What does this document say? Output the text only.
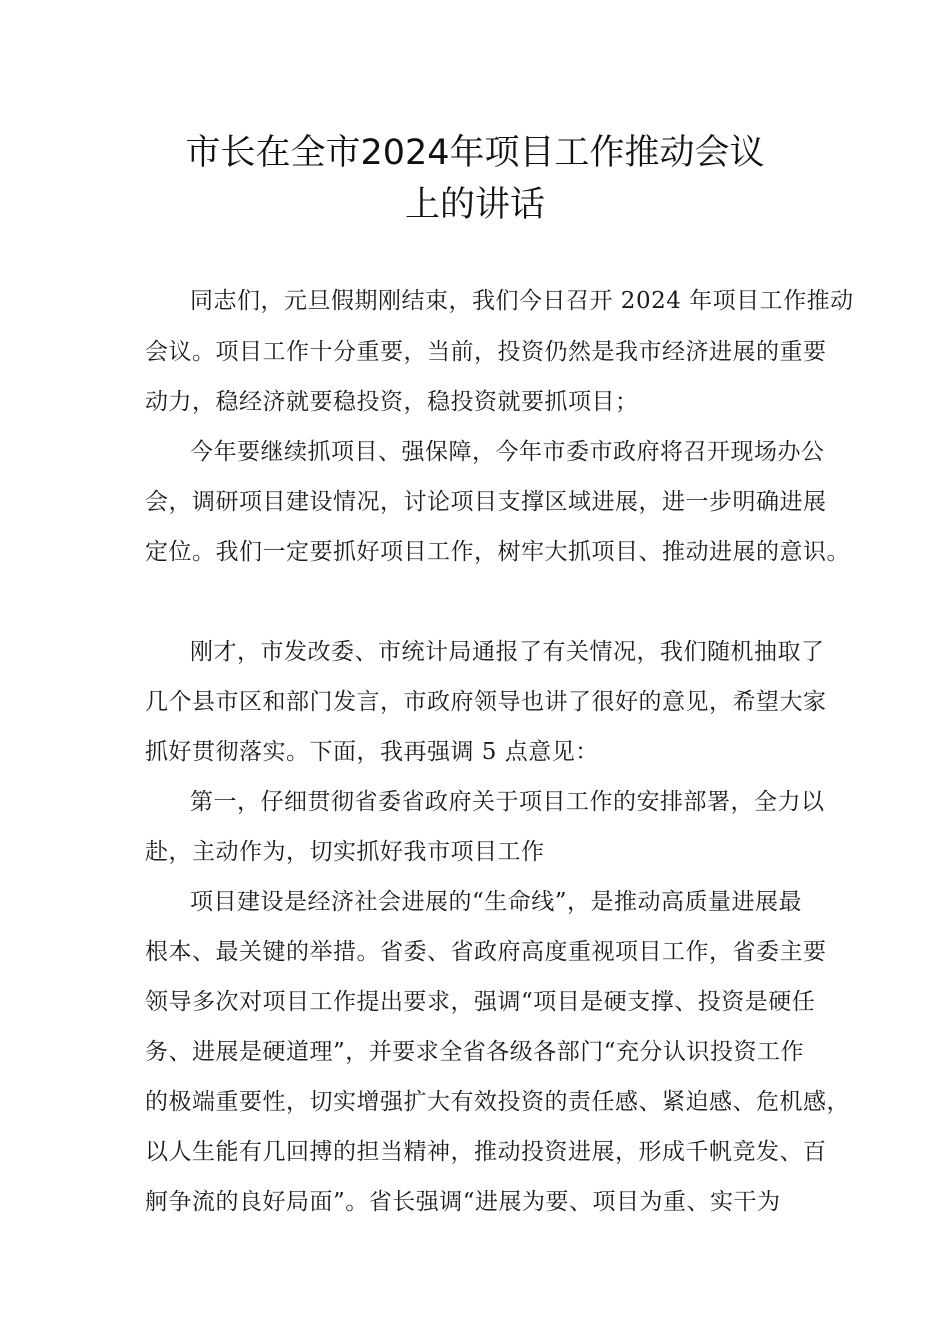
市长在全市2024年项目工作推动会议
上的讲话
同志们，元旦假期刚结束，我们今日召开 2024 年项目工作推动
会议。项目工作十分重要，当前，投资仍然是我市经济进展的重要
动力，稳经济就要稳投资，稳投资就要抓项目；
今年要继续抓项目、强保障，今年市委市政府将召开现场办公
会，调研项目建设情况，讨论项目支撑区域进展，进一步明确进展
定位。我们一定要抓好项目工作，树牢大抓项目、推动进展的意识。
刚才，市发改委、市统计局通报了有关情况，我们随机抽取了
几个县市区和部门发言，市政府领导也讲了很好的意见，希望大家
抓好贯彻落实。下面，我再强调 5 点意见：
第一，仔细贯彻省委省政府关于项目工作的安排部署，全力以
赴，主动作为，切实抓好我市项目工作
项目建设是经济社会进展的“生命线”，是推动高质量进展最
根本、最关键的举措。省委、省政府高度重视项目工作，省委主要
领导多次对项目工作提出要求，强调“项目是硬支撑、投资是硬任
务、进展是硬道理”，并要求全省各级各部门“充分认识投资工作
的极端重要性，切实增强扩大有效投资的责任感、紧迫感、危机感，
以人生能有几回搏的担当精神，推动投资进展，形成千帆竞发、百
舸争流的良好局面”。省长强调“进展为要、项目为重、实干为
